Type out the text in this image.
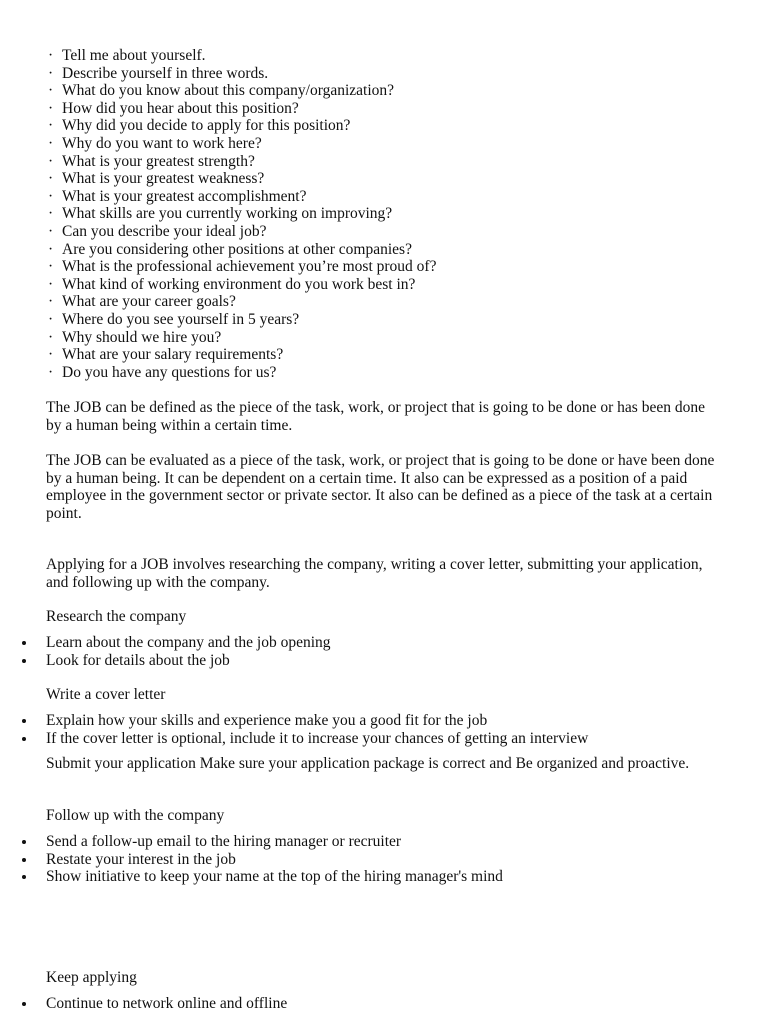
· Tell me about yourself.
· Describe yourself in three words.
· What do you know about this company/organization?
· How did you hear about this position?
· Why did you decide to apply for this position?
· Why do you want to work here?
· What is your greatest strength?
· What is your greatest weakness?
· What is your greatest accomplishment?
· What skills are you currently working on improving?
· Can you describe your ideal job?
· Are you considering other positions at other companies?
· What is the professional achievement you’re most proud of?
· What kind of working environment do you work best in?
· What are your career goals?
· Where do you see yourself in 5 years?
· Why should we hire you?
· What are your salary requirements?
· Do you have any questions for us?

The JOB can be defined as the piece of the task, work, or project that is going to be done or has been done by a human being within a certain time.

The JOB can be evaluated as a piece of the task, work, or project that is going to be done or have been done by a human being. It can be dependent on a certain time. It also can be expressed as a position of a paid employee in the government sector or private sector. It also can be defined as a piece of the task at a certain point.

Applying for a JOB involves researching the company, writing a cover letter, submitting your application, and following up with the company.

Research the company

Learn about the company and the job opening
Look for details about the job

Write a cover letter

Explain how your skills and experience make you a good fit for the job
If the cover letter is optional, include it to increase your chances of getting an interview

Submit your application Make sure your application package is correct and Be organized and proactive.

Follow up with the company

Send a follow-up email to the hiring manager or recruiter
Restate your interest in the job
Show initiative to keep your name at the top of the hiring manager's mind

Keep applying

Continue to network online and offline
